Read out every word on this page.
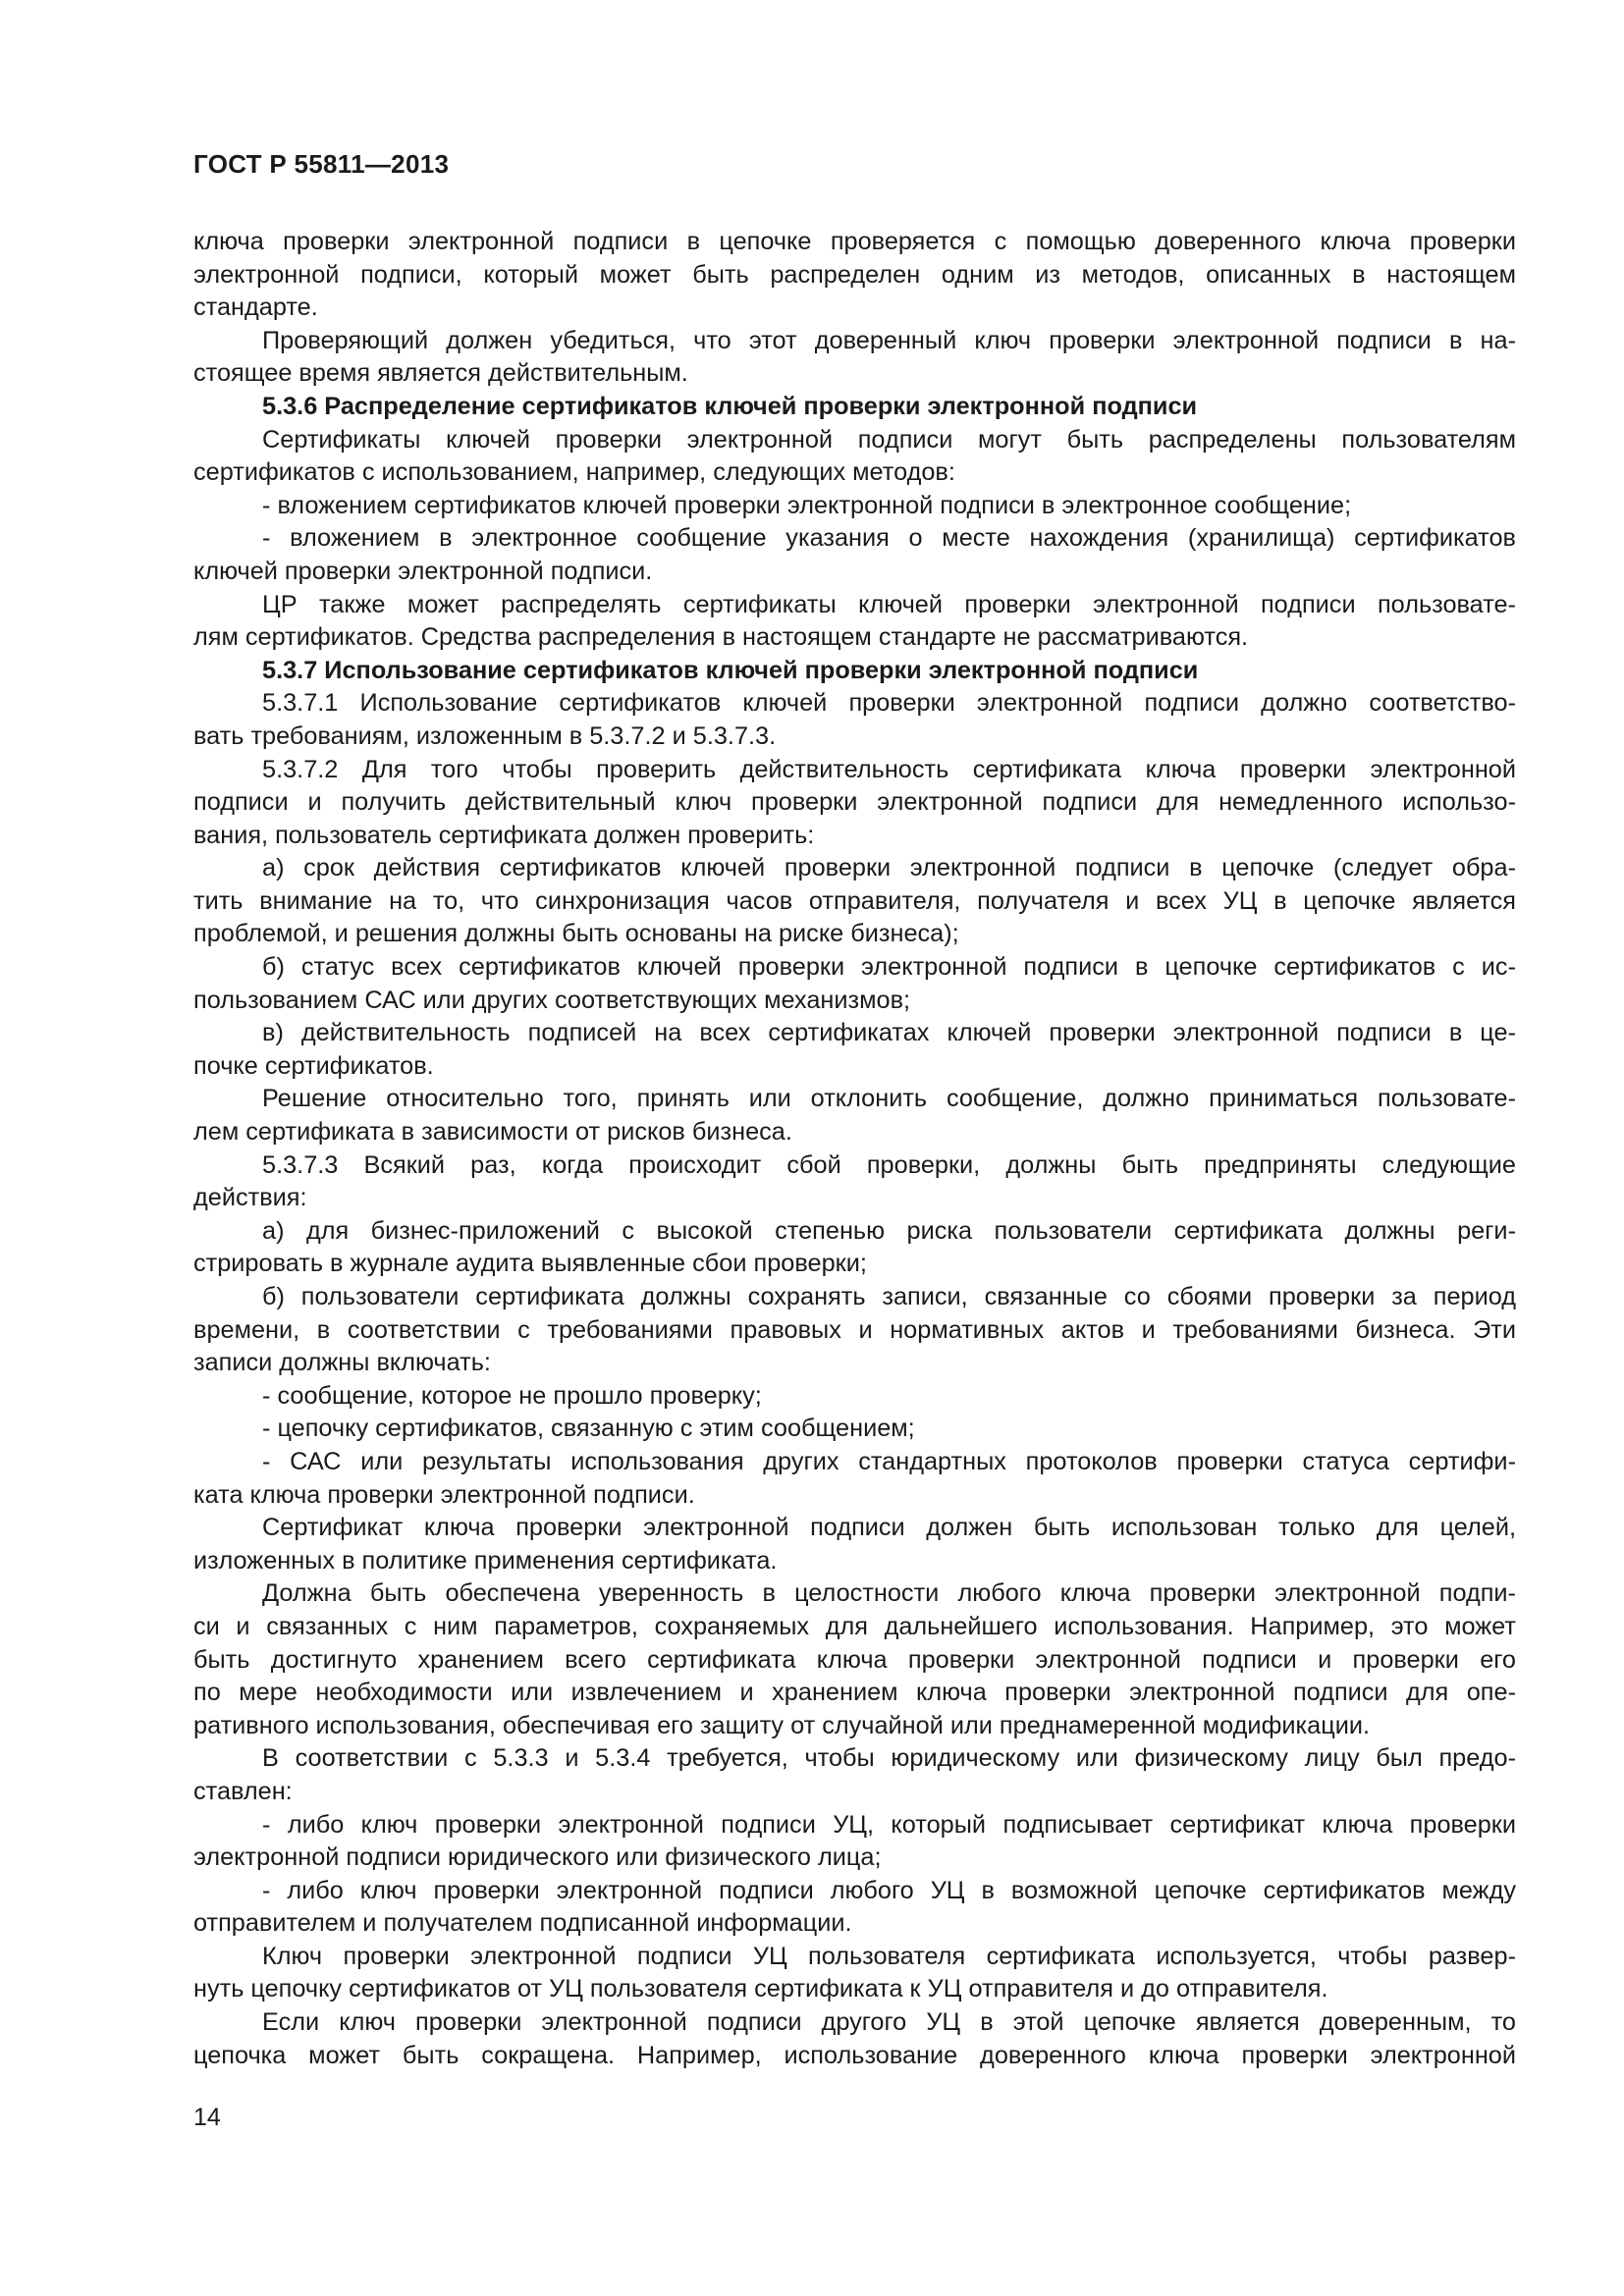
ГОСТ Р 55811—2013
ключа проверки электронной подписи в цепочке проверяется с помощью доверенного ключа проверки
электронной подписи, который может быть распределен одним из методов, описанных в настоящем
стандарте.
Проверяющий должен убедиться, что этот доверенный ключ проверки электронной подписи в на-
стоящее время является действительным.
5.3.6 Распределение сертификатов ключей проверки электронной подписи
Сертификаты ключей проверки электронной подписи могут быть распределены пользователям
сертификатов с использованием, например, следующих методов:
- вложением сертификатов ключей проверки электронной подписи в электронное сообщение;
- вложением в электронное сообщение указания о месте нахождения (хранилища) сертификатов
ключей проверки электронной подписи.
ЦР также может распределять сертификаты ключей проверки электронной подписи пользовате-
лям сертификатов. Средства распределения в настоящем стандарте не рассматриваются.
5.3.7 Использование сертификатов ключей проверки электронной подписи
5.3.7.1 Использование сертификатов ключей проверки электронной подписи должно соответство-
вать требованиям, изложенным в 5.3.7.2 и 5.3.7.3.
5.3.7.2 Для того чтобы проверить действительность сертификата ключа проверки электронной
подписи и получить действительный ключ проверки электронной подписи для немедленного использо-
вания, пользователь сертификата должен проверить:
а) срок действия сертификатов ключей проверки электронной подписи в цепочке (следует обра-
тить внимание на то, что синхронизация часов отправителя, получателя и всех УЦ в цепочке является
проблемой, и решения должны быть основаны на риске бизнеса);
б) статус всех сертификатов ключей проверки электронной подписи в цепочке сертификатов с ис-
пользованием САС или других соответствующих механизмов;
в) действительность подписей на всех сертификатах ключей проверки электронной подписи в це-
почке сертификатов.
Решение относительно того, принять или отклонить сообщение, должно приниматься пользовате-
лем сертификата в зависимости от рисков бизнеса.
5.3.7.3 Всякий раз, когда происходит сбой проверки, должны быть предприняты следующие
действия:
а) для бизнес-приложений с высокой степенью риска пользователи сертификата должны реги-
стрировать в журнале аудита выявленные сбои проверки;
б) пользователи сертификата должны сохранять записи, связанные со сбоями проверки за период
времени, в соответствии с требованиями правовых и нормативных актов и требованиями бизнеса. Эти
записи должны включать:
- сообщение, которое не прошло проверку;
- цепочку сертификатов, связанную с этим сообщением;
- САС или результаты использования других стандартных протоколов проверки статуса сертифи-
ката ключа проверки электронной подписи.
Сертификат ключа проверки электронной подписи должен быть использован только для целей,
изложенных в политике применения сертификата.
Должна быть обеспечена уверенность в целостности любого ключа проверки электронной подпи-
си и связанных с ним параметров, сохраняемых для дальнейшего использования. Например, это может
быть достигнуто хранением всего сертификата ключа проверки электронной подписи и проверки его
по мере необходимости или извлечением и хранением ключа проверки электронной подписи для опе-
ративного использования, обеспечивая его защиту от случайной или преднамеренной модификации.
В соответствии с 5.3.3 и 5.3.4 требуется, чтобы юридическому или физическому лицу был предо-
ставлен:
- либо ключ проверки электронной подписи УЦ, который подписывает сертификат ключа проверки
электронной подписи юридического или физического лица;
- либо ключ проверки электронной подписи любого УЦ в возможной цепочке сертификатов между
отправителем и получателем подписанной информации.
Ключ проверки электронной подписи УЦ пользователя сертификата используется, чтобы развер-
нуть цепочку сертификатов от УЦ пользователя сертификата к УЦ отправителя и до отправителя.
Если ключ проверки электронной подписи другого УЦ в этой цепочке является доверенным, то
цепочка может быть сокращена. Например, использование доверенного ключа проверки электронной
14
